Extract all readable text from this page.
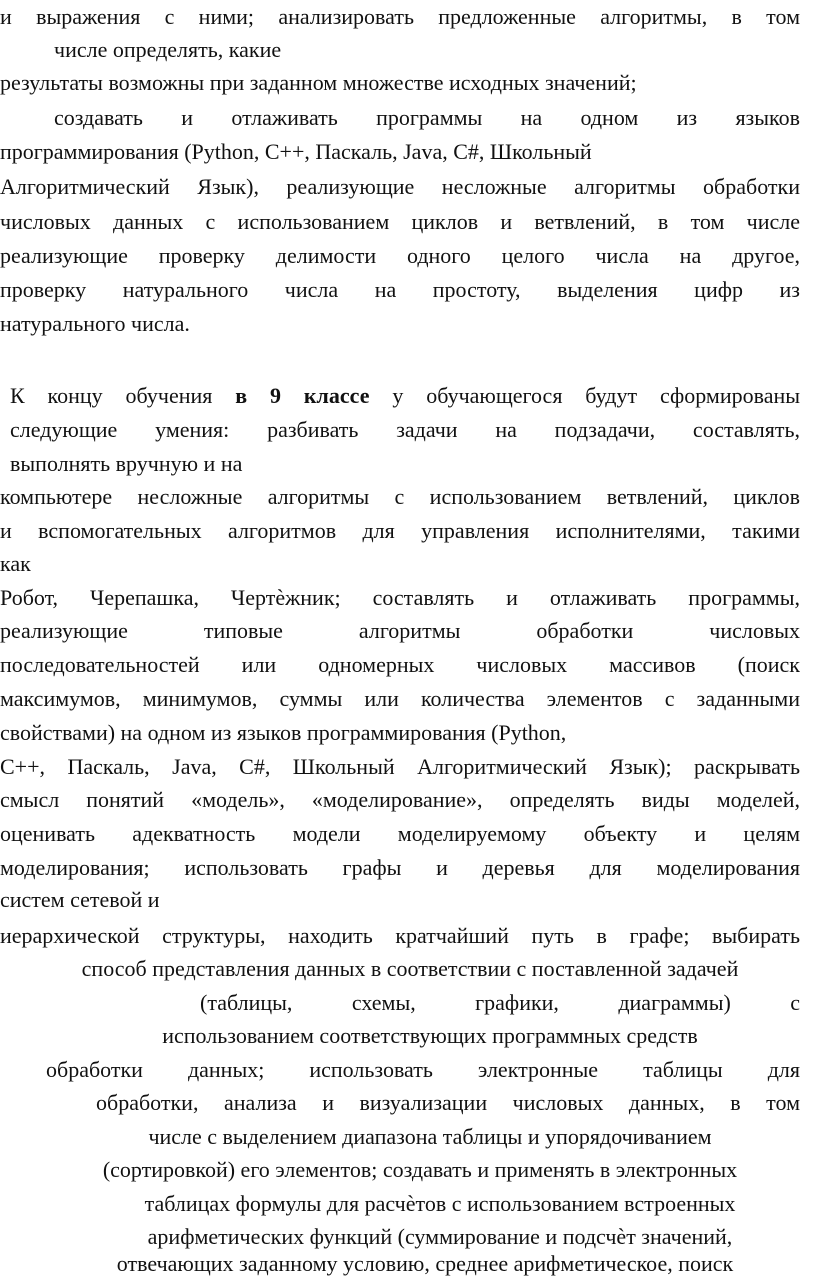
и выражения с ними; анализировать предложенные алгоритмы, в том
числе определять, какие
результаты возможны при заданном множестве исходных значений;
создавать и отлаживать программы на одном из языков
программирования (Python, C++, Паскаль, Java, C#, Школьный
Алгоритмический Язык), реализующие несложные алгоритмы обработки
числовых данных с использованием циклов и ветвлений, в том числе
реализующие проверку делимости одного целого числа на другое,
проверку натурального числа на простоту, выделения цифр из
натурального числа.
К концу обучения в 9 классе у обучающегося будут сформированы
следующие умения: разбивать задачи на подзадачи, составлять,
выполнять вручную и на
компьютере несложные алгоритмы с использованием ветвлений, циклов
и вспомогательных алгоритмов для управления исполнителями, такими
как
Робот, Черепашка, Чертѐжник; составлять и отлаживать программы,
реализующие типовые алгоритмы обработки числовых
последовательностей или одномерных числовых массивов (поиск
максимумов, минимумов, суммы или количества элементов с заданными
свойствами) на одном из языков программирования (Python,
C++, Паскаль, Java, C#, Школьный Алгоритмический Язык); раскрывать
смысл понятий «модель», «моделирование», определять виды моделей,
оценивать адекватность модели моделируемому объекту и целям
моделирования; использовать графы и деревья для моделирования
систем сетевой и
иерархической структуры, находить кратчайший путь в графе; выбирать
способ представления данных в соответствии с поставленной задачей
(таблицы, схемы, графики, диаграммы) с
использованием соответствующих программных средств
обработки данных; использовать электронные таблицы для
обработки, анализа и визуализации числовых данных, в том
числе с выделением диапазона таблицы и упорядочиванием
(сортировкой) его элементов; создавать и применять в электронных
таблицах формулы для расчѐтов с использованием встроенных
арифметических функций (суммирование и подсчѐт значений,
отвечающих заданному условию, среднее арифметическое, поиск
